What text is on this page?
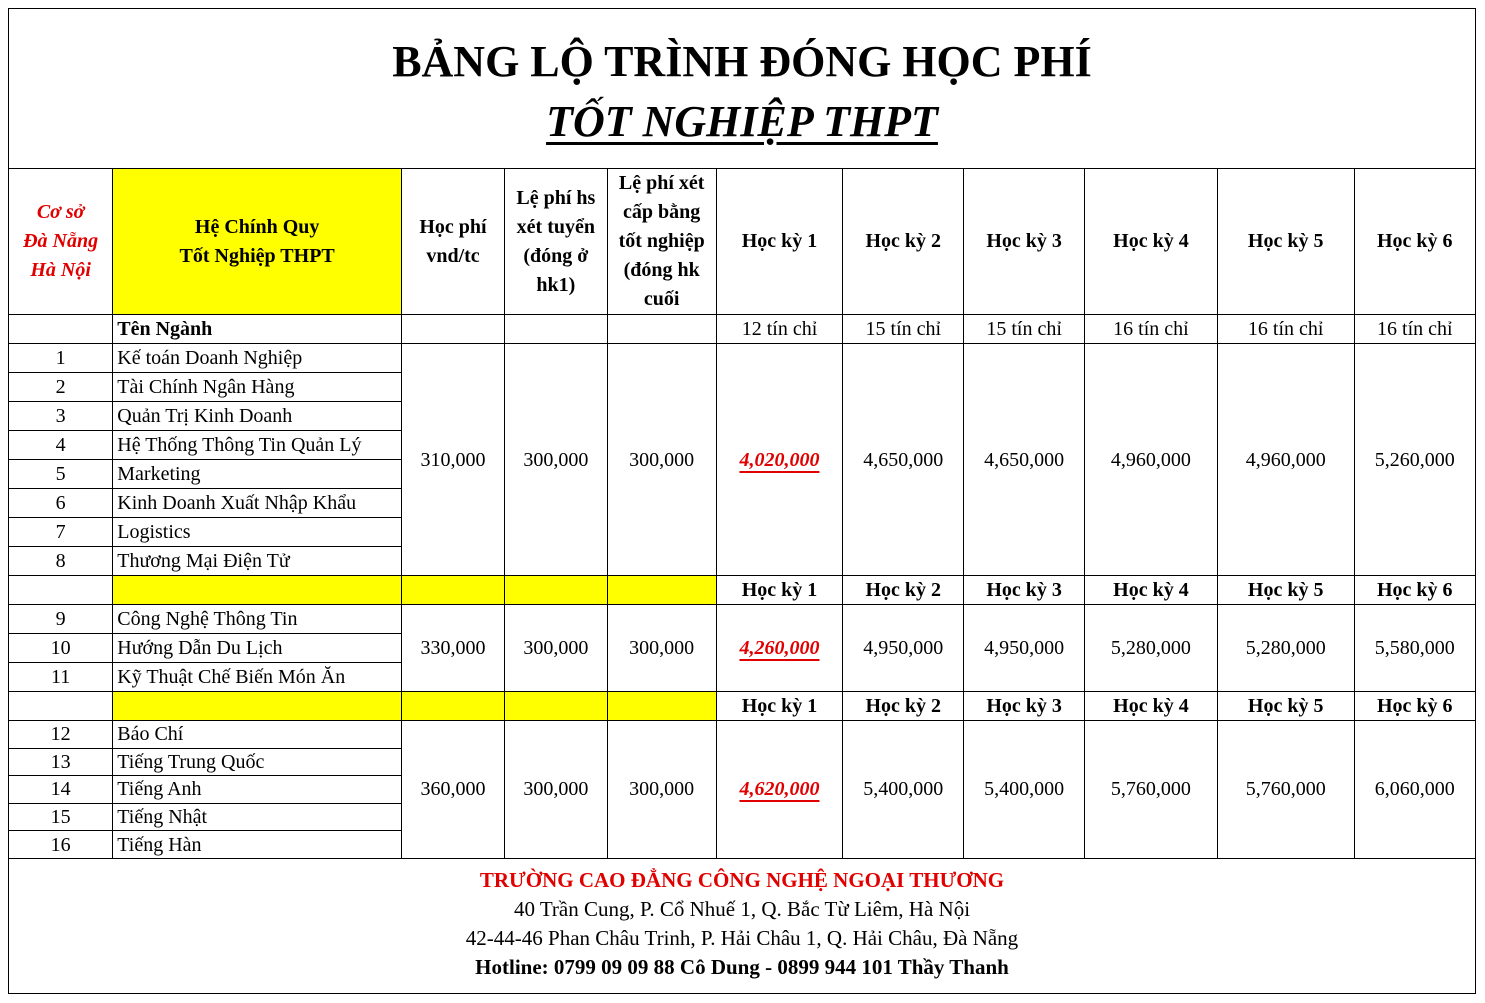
BẢNG LỘ TRÌNH ĐÓNG HỌC PHÍ
TỐT NGHIỆP THPT
Cơ sở
Đà Nẵng
Hà Nội	Hệ Chính Quy
Tốt Nghiệp THPT	Học phí
vnd/tc	Lệ phí hs
xét tuyển
(đóng ở
hk1)	Lệ phí xét
cấp bằng
tốt nghiệp
(đóng hk
cuối	Học kỳ 1	Học kỳ 2	Học kỳ 3	Học kỳ 4	Học kỳ 5	Học kỳ 6
	Tên Ngành				12 tín chỉ	15 tín chỉ	15 tín chỉ	16 tín chỉ	16 tín chỉ	16 tín chỉ
1	Kế toán Doanh Nghiệp	310,000	300,000	300,000	4,020,000	4,650,000	4,650,000	4,960,000	4,960,000	5,260,000
2	Tài Chính Ngân Hàng									
3	Quản Trị Kinh Doanh									
4	Hệ Thống Thông Tin Quản Lý									
5	Marketing									
6	Kinh Doanh Xuất Nhập Khẩu									
7	Logistics									
8	Thương Mại Điện Tử									
					Học kỳ 1	Học kỳ 2	Học kỳ 3	Học kỳ 4	Học kỳ 5	Học kỳ 6
9	Công Nghệ Thông Tin	330,000	300,000	300,000	4,260,000	4,950,000	4,950,000	5,280,000	5,280,000	5,580,000
10	Hướng Dẫn Du Lịch									
11	Kỹ Thuật Chế Biến Món Ăn									
					Học kỳ 1	Học kỳ 2	Học kỳ 3	Học kỳ 4	Học kỳ 5	Học kỳ 6
12	Báo Chí	360,000	300,000	300,000	4,620,000	5,400,000	5,400,000	5,760,000	5,760,000	6,060,000
13	Tiếng Trung Quốc									
14	Tiếng Anh									
15	Tiếng Nhật									
16	Tiếng Hàn									
TRƯỜNG CAO ĐẲNG CÔNG NGHỆ NGOẠI THƯƠNG
40 Trần Cung, P. Cổ Nhuế 1, Q. Bắc Từ Liêm, Hà Nội
42-44-46 Phan Châu Trinh, P. Hải Châu 1, Q. Hải Châu, Đà Nẵng
Hotline: 0799 09 09 88 Cô Dung - 0899 944 101 Thầy Thanh
